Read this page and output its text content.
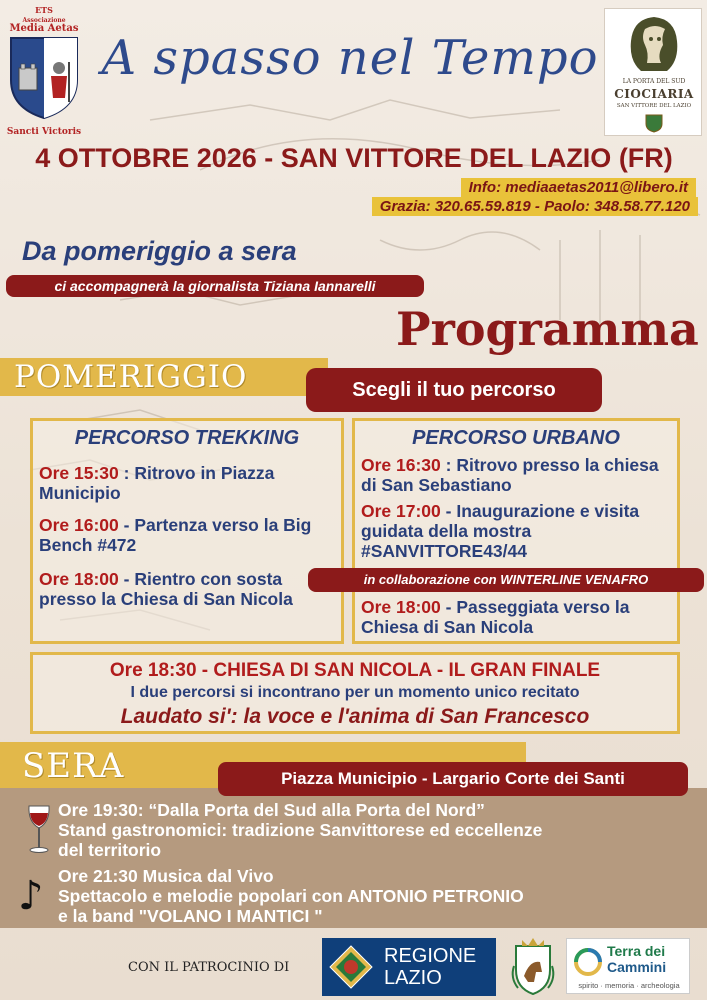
ETS
Associazione
Media Aetas
Sancti Victoris
A spasso nel Tempo	LA PORTA DEL SUD
CIOCIARIA
SAN VITTORE DEL LAZIO
4 OTTOBRE 2026 - SAN VITTORE DEL LAZIO (FR)
Info: mediaaetas2011@libero.it
Grazia: 320.65.59.819 - Paolo: 348.58.77.120
Da pomeriggio a sera
ci accompagnerà la giornalista Tiziana Iannarelli
Programma
POMERIGGIO	Scegli il tuo percorso
PERCORSO TREKKING
Ore 15:30 : Ritrovo in Piazza Municipio
Ore 16:00 - Partenza verso la Big Bench #472
Ore 18:00 - Rientro con sosta presso la Chiesa di San Nicola
PERCORSO URBANO
Ore 16:30 : Ritrovo presso la chiesa di San Sebastiano
Ore 17:00 - Inaugurazione e visita guidata della mostra #SANVITTORE43/44
Ore 18:00 - Passeggiata verso la Chiesa di San Nicola
in collaborazione con WINTERLINE VENAFRO
Ore 18:30 - CHIESA DI SAN NICOLA - IL GRAN FINALE
I due percorsi si incontrano per un momento unico recitato
Laudato si': la voce e l'anima di San Francesco
SERA	Piazza Municipio - Largario Corte dei Santi
Ore 19:30: “Dalla Porta del Sud alla Porta del Nord”
Stand gastronomici: tradizione Sanvittorese ed eccellenze
del territorio
♪ Ore 21:30 Musica dal Vivo
Spettacolo e melodie popolari con ANTONIO PETRONIO
e la band "VOLANO I MANTICI "
CON IL PATROCINIO DI
REGIONE
LAZIO
Terra dei
Cammini
spirito · memoria · archeologia
